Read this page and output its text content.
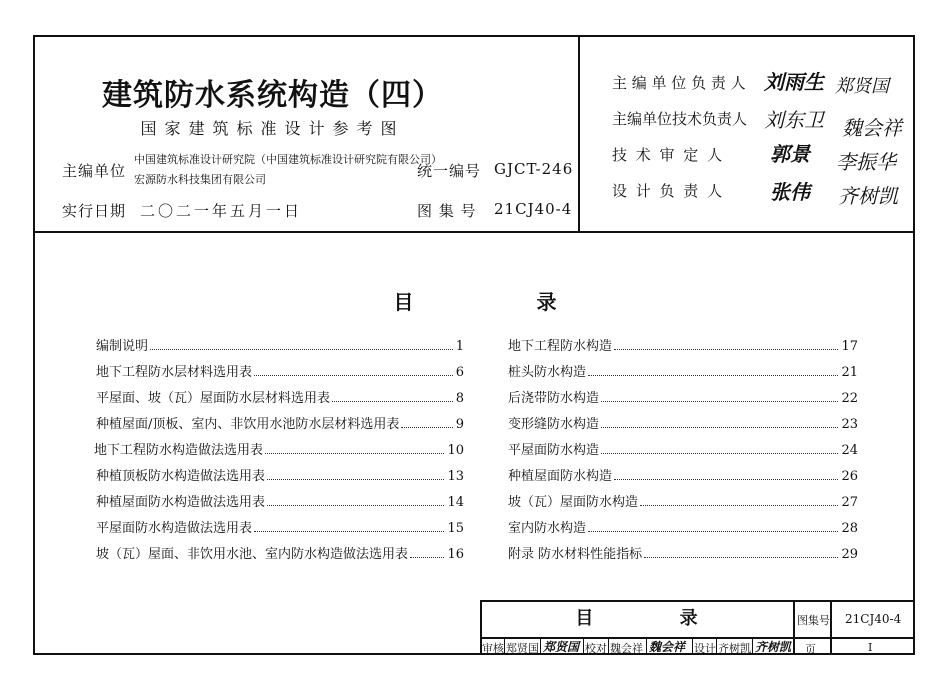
建筑防水系统构造（四）
国家建筑标准设计参考图
主编单位
中国建筑标准设计研究院（中国建筑标准设计研究院有限公司）
宏源防水科技集团有限公司	统一编号 GJCT-246
实行日期 二〇二一年五月一日	图 集 号 21CJ40-4
主 编 单 位 负 责 人 刘雨生 郑贤国
主编单位技术负责人 刘东卫 魏会祥
技 术 审 定 人 郭景 李振华
设 计 负 责 人 张伟 齐树凯
目 录
编制说明	1
地下工程防水层材料选用表	6
平屋面、坡（瓦）屋面防水层材料选用表	8
种植屋面/顶板、室内、非饮用水池防水层材料选用表	9
地下工程防水构造做法选用表	10
种植顶板防水构造做法选用表	13
种植屋面防水构造做法选用表	14
平屋面防水构造做法选用表	15
坡（瓦）屋面、非饮用水池、室内防水构造做法选用表	16
地下工程防水构造	17
桩头防水构造	21
后浇带防水构造	22
变形缝防水构造	23
平屋面防水构造	24
种植屋面防水构造	26
坡（瓦）屋面防水构造	27
室内防水构造	28
附录 防水材料性能指标	29
目 录	图集号 21CJ40-4
页	I
审核 郑贤国 郑贤国 校对 魏会祥 魏会祥 设计 齐树凯 齐树凯
